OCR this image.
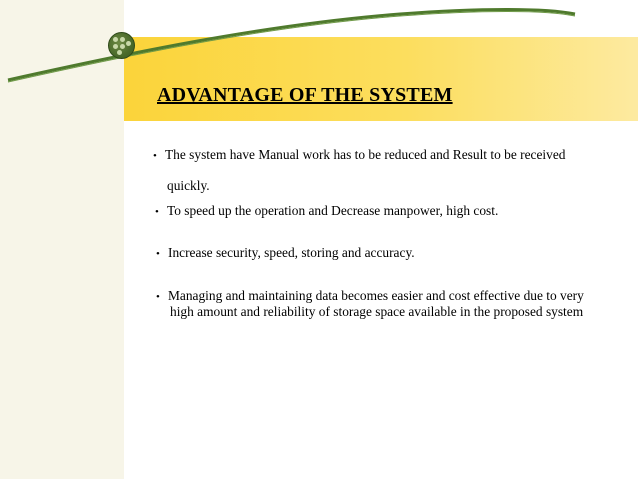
ADVANTAGE OF THE SYSTEM
• The system have Manual work has to be reduced and Result to be received
quickly.
• To speed up the operation and Decrease manpower, high cost.
• Increase security, speed, storing and accuracy.
• Managing and maintaining data becomes easier and cost effective due to very
high amount and reliability of storage space available in the proposed system
